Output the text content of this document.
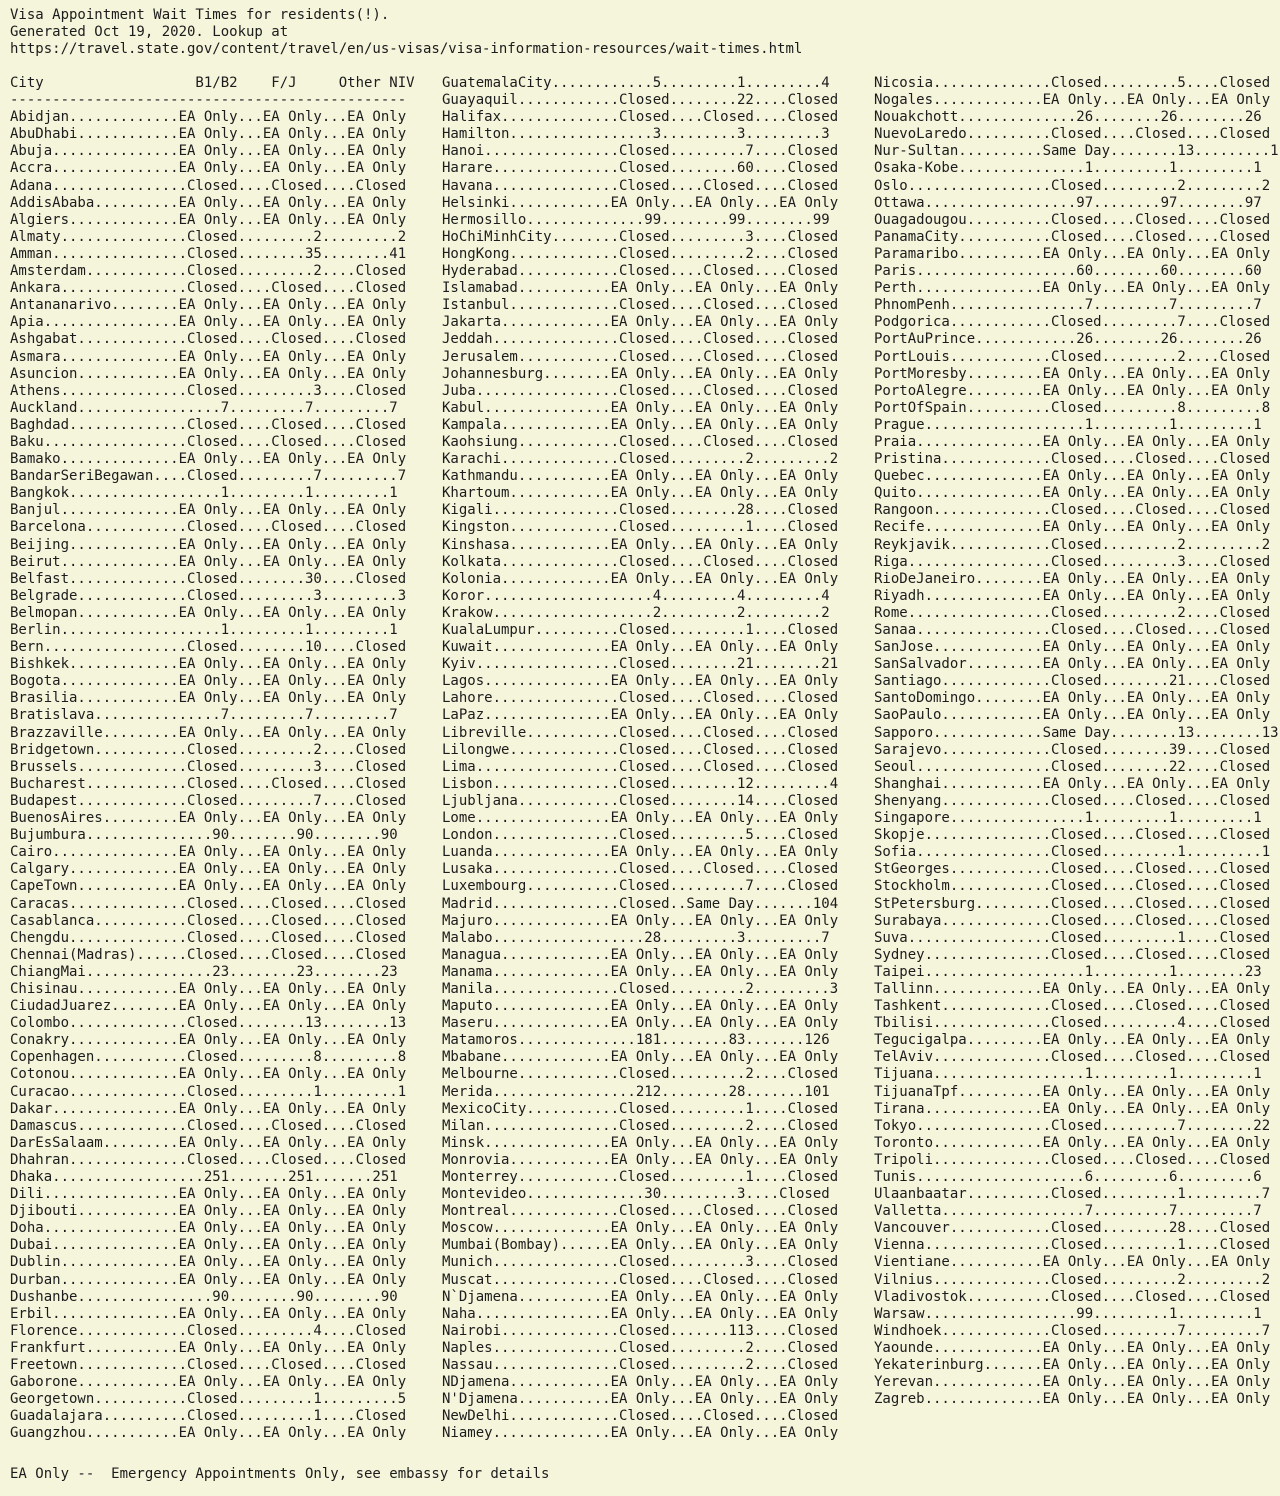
Visa Appointment Wait Times for residents(!).
Generated Oct 19, 2020. Lookup at
https://travel.state.gov/content/travel/en/us-visas/visa-information-resources/wait-times.html
City                  B1/B2    F/J     Other NIV
-----------------------------------------------
Abidjan.............EA Only...EA Only...EA Only
AbuDhabi............EA Only...EA Only...EA Only
Abuja...............EA Only...EA Only...EA Only
Accra...............EA Only...EA Only...EA Only
Adana................Closed....Closed....Closed
AddisAbaba..........EA Only...EA Only...EA Only
Algiers.............EA Only...EA Only...EA Only
Almaty...............Closed.........2.........2
Amman................Closed........35........41
Amsterdam............Closed.........2....Closed
Ankara...............Closed....Closed....Closed
Antananarivo........EA Only...EA Only...EA Only
Apia................EA Only...EA Only...EA Only
Ashgabat.............Closed....Closed....Closed
Asmara..............EA Only...EA Only...EA Only
Asuncion............EA Only...EA Only...EA Only
Athens...............Closed.........3....Closed
Auckland.................7.........7.........7
Baghdad..............Closed....Closed....Closed
Baku.................Closed....Closed....Closed
Bamako..............EA Only...EA Only...EA Only
BandarSeriBegawan....Closed.........7.........7
Bangkok..................1.........1.........1
Banjul..............EA Only...EA Only...EA Only
Barcelona............Closed....Closed....Closed
Beijing.............EA Only...EA Only...EA Only
Beirut..............EA Only...EA Only...EA Only
Belfast..............Closed........30....Closed
Belgrade.............Closed.........3.........3
Belmopan............EA Only...EA Only...EA Only
Berlin...................1.........1.........1
Bern.................Closed........10....Closed
Bishkek.............EA Only...EA Only...EA Only
Bogota..............EA Only...EA Only...EA Only
Brasilia............EA Only...EA Only...EA Only
Bratislava...............7.........7.........7
Brazzaville.........EA Only...EA Only...EA Only
Bridgetown...........Closed.........2....Closed
Brussels.............Closed.........3....Closed
Bucharest............Closed....Closed....Closed
Budapest.............Closed.........7....Closed
BuenosAires.........EA Only...EA Only...EA Only
Bujumbura...............90........90........90
Cairo...............EA Only...EA Only...EA Only
Calgary.............EA Only...EA Only...EA Only
CapeTown............EA Only...EA Only...EA Only
Caracas..............Closed....Closed....Closed
Casablanca...........Closed....Closed....Closed
Chengdu..............Closed....Closed....Closed
Chennai(Madras)......Closed....Closed....Closed
ChiangMai...............23........23........23
Chisinau............EA Only...EA Only...EA Only
CiudadJuarez........EA Only...EA Only...EA Only
Colombo..............Closed........13........13
Conakry.............EA Only...EA Only...EA Only
Copenhagen...........Closed.........8.........8
Cotonou.............EA Only...EA Only...EA Only
Curacao..............Closed.........1.........1
Dakar...............EA Only...EA Only...EA Only
Damascus.............Closed....Closed....Closed
DarEsSalaam.........EA Only...EA Only...EA Only
Dhahran..............Closed....Closed....Closed
Dhaka..................251.......251.......251
Dili................EA Only...EA Only...EA Only
Djibouti............EA Only...EA Only...EA Only
Doha................EA Only...EA Only...EA Only
Dubai...............EA Only...EA Only...EA Only
Dublin..............EA Only...EA Only...EA Only
Durban..............EA Only...EA Only...EA Only
Dushanbe................90........90........90
Erbil...............EA Only...EA Only...EA Only
Florence.............Closed.........4....Closed
Frankfurt...........EA Only...EA Only...EA Only
Freetown.............Closed....Closed....Closed
Gaborone............EA Only...EA Only...EA Only
Georgetown...........Closed.........1.........5
Guadalajara..........Closed.........1....Closed
Guangzhou...........EA Only...EA Only...EA Only
GuatemalaCity............5.........1.........4
Guayaquil............Closed........22....Closed
Halifax..............Closed....Closed....Closed
Hamilton.................3.........3.........3
Hanoi................Closed.........7....Closed
Harare...............Closed........60....Closed
Havana...............Closed....Closed....Closed
Helsinki............EA Only...EA Only...EA Only
Hermosillo..............99........99........99
HoChiMinhCity........Closed.........3....Closed
HongKong.............Closed.........2....Closed
Hyderabad............Closed....Closed....Closed
Islamabad...........EA Only...EA Only...EA Only
Istanbul.............Closed....Closed....Closed
Jakarta.............EA Only...EA Only...EA Only
Jeddah...............Closed....Closed....Closed
Jerusalem............Closed....Closed....Closed
Johannesburg........EA Only...EA Only...EA Only
Juba.................Closed....Closed....Closed
Kabul...............EA Only...EA Only...EA Only
Kampala.............EA Only...EA Only...EA Only
Kaohsiung............Closed....Closed....Closed
Karachi..............Closed.........2.........2
Kathmandu...........EA Only...EA Only...EA Only
Khartoum............EA Only...EA Only...EA Only
Kigali...............Closed........28....Closed
Kingston.............Closed.........1....Closed
Kinshasa............EA Only...EA Only...EA Only
Kolkata..............Closed....Closed....Closed
Kolonia.............EA Only...EA Only...EA Only
Koror....................4.........4.........4
Krakow...................2.........2.........2
KualaLumpur..........Closed.........1....Closed
Kuwait..............EA Only...EA Only...EA Only
Kyiv.................Closed........21........21
Lagos...............EA Only...EA Only...EA Only
Lahore...............Closed....Closed....Closed
LaPaz...............EA Only...EA Only...EA Only
Libreville...........Closed....Closed....Closed
Lilongwe.............Closed....Closed....Closed
Lima.................Closed....Closed....Closed
Lisbon...............Closed........12.........4
Ljubljana............Closed........14....Closed
Lome................EA Only...EA Only...EA Only
London...............Closed.........5....Closed
Luanda..............EA Only...EA Only...EA Only
Lusaka...............Closed....Closed....Closed
Luxembourg...........Closed.........7....Closed
Madrid...............Closed..Same Day.......104
Majuro..............EA Only...EA Only...EA Only
Malabo..................28.........3.........7
Managua.............EA Only...EA Only...EA Only
Manama..............EA Only...EA Only...EA Only
Manila...............Closed.........2.........3
Maputo..............EA Only...EA Only...EA Only
Maseru..............EA Only...EA Only...EA Only
Matamoros..............181........83.......126
Mbabane.............EA Only...EA Only...EA Only
Melbourne............Closed.........2....Closed
Merida.................212........28.......101
MexicoCity...........Closed.........1....Closed
Milan................Closed.........2....Closed
Minsk...............EA Only...EA Only...EA Only
Monrovia............EA Only...EA Only...EA Only
Monterrey............Closed.........1....Closed
Montevideo..............30.........3....Closed
Montreal.............Closed....Closed....Closed
Moscow..............EA Only...EA Only...EA Only
Mumbai(Bombay)......EA Only...EA Only...EA Only
Munich...............Closed.........3....Closed
Muscat...............Closed....Closed....Closed
N`Djamena...........EA Only...EA Only...EA Only
Naha................EA Only...EA Only...EA Only
Nairobi..............Closed.......113....Closed
Naples...............Closed.........2....Closed
Nassau...............Closed.........2....Closed
NDjamena............EA Only...EA Only...EA Only
N'Djamena...........EA Only...EA Only...EA Only
NewDelhi.............Closed....Closed....Closed
Niamey..............EA Only...EA Only...EA Only
Nicosia..............Closed.........5....Closed
Nogales.............EA Only...EA Only...EA Only
Nouakchott..............26........26........26
NuevoLaredo..........Closed....Closed....Closed
Nur-Sultan..........Same Day........13.........1
Osaka-Kobe...............1.........1.........1
Oslo.................Closed.........2.........2
Ottawa..................97........97........97
Ouagadougou..........Closed....Closed....Closed
PanamaCity...........Closed....Closed....Closed
Paramaribo..........EA Only...EA Only...EA Only
Paris...................60........60........60
Perth...............EA Only...EA Only...EA Only
PhnomPenh................7.........7.........7
Podgorica............Closed.........7....Closed
PortAuPrince............26........26........26
PortLouis............Closed.........2....Closed
PortMoresby.........EA Only...EA Only...EA Only
PortoAlegre.........EA Only...EA Only...EA Only
PortOfSpain..........Closed.........8.........8
Prague...................1.........1.........1
Praia...............EA Only...EA Only...EA Only
Pristina.............Closed....Closed....Closed
Quebec..............EA Only...EA Only...EA Only
Quito...............EA Only...EA Only...EA Only
Rangoon..............Closed....Closed....Closed
Recife..............EA Only...EA Only...EA Only
Reykjavik............Closed.........2.........2
Riga.................Closed.........3....Closed
RioDeJaneiro........EA Only...EA Only...EA Only
Riyadh..............EA Only...EA Only...EA Only
Rome.................Closed.........2....Closed
Sanaa................Closed....Closed....Closed
SanJose.............EA Only...EA Only...EA Only
SanSalvador.........EA Only...EA Only...EA Only
Santiago.............Closed........21....Closed
SantoDomingo........EA Only...EA Only...EA Only
SaoPaulo............EA Only...EA Only...EA Only
Sapporo.............Same Day........13........13
Sarajevo.............Closed........39....Closed
Seoul................Closed........22....Closed
Shanghai............EA Only...EA Only...EA Only
Shenyang.............Closed....Closed....Closed
Singapore................1.........1.........1
Skopje...............Closed....Closed....Closed
Sofia................Closed.........1.........1
StGeorges............Closed....Closed....Closed
Stockholm............Closed....Closed....Closed
StPetersburg.........Closed....Closed....Closed
Surabaya.............Closed....Closed....Closed
Suva.................Closed.........1....Closed
Sydney...............Closed....Closed....Closed
Taipei...................1.........1........23
Tallinn.............EA Only...EA Only...EA Only
Tashkent.............Closed....Closed....Closed
Tbilisi..............Closed.........4....Closed
Tegucigalpa.........EA Only...EA Only...EA Only
TelAviv..............Closed....Closed....Closed
Tijuana..................1.........1.........1
TijuanaTpf..........EA Only...EA Only...EA Only
Tirana..............EA Only...EA Only...EA Only
Tokyo................Closed.........7........22
Toronto.............EA Only...EA Only...EA Only
Tripoli..............Closed....Closed....Closed
Tunis....................6.........6.........6
Ulaanbaatar..........Closed.........1.........7
Valletta.................7.........7.........7
Vancouver............Closed........28....Closed
Vienna...............Closed.........1....Closed
Vientiane...........EA Only...EA Only...EA Only
Vilnius..............Closed.........2.........2
Vladivostok..........Closed....Closed....Closed
Warsaw..................99.........1.........1
Windhoek.............Closed.........7.........7
Yaounde.............EA Only...EA Only...EA Only
Yekaterinburg.......EA Only...EA Only...EA Only
Yerevan.............EA Only...EA Only...EA Only
Zagreb..............EA Only...EA Only...EA Only
EA Only --  Emergency Appointments Only, see embassy for details
